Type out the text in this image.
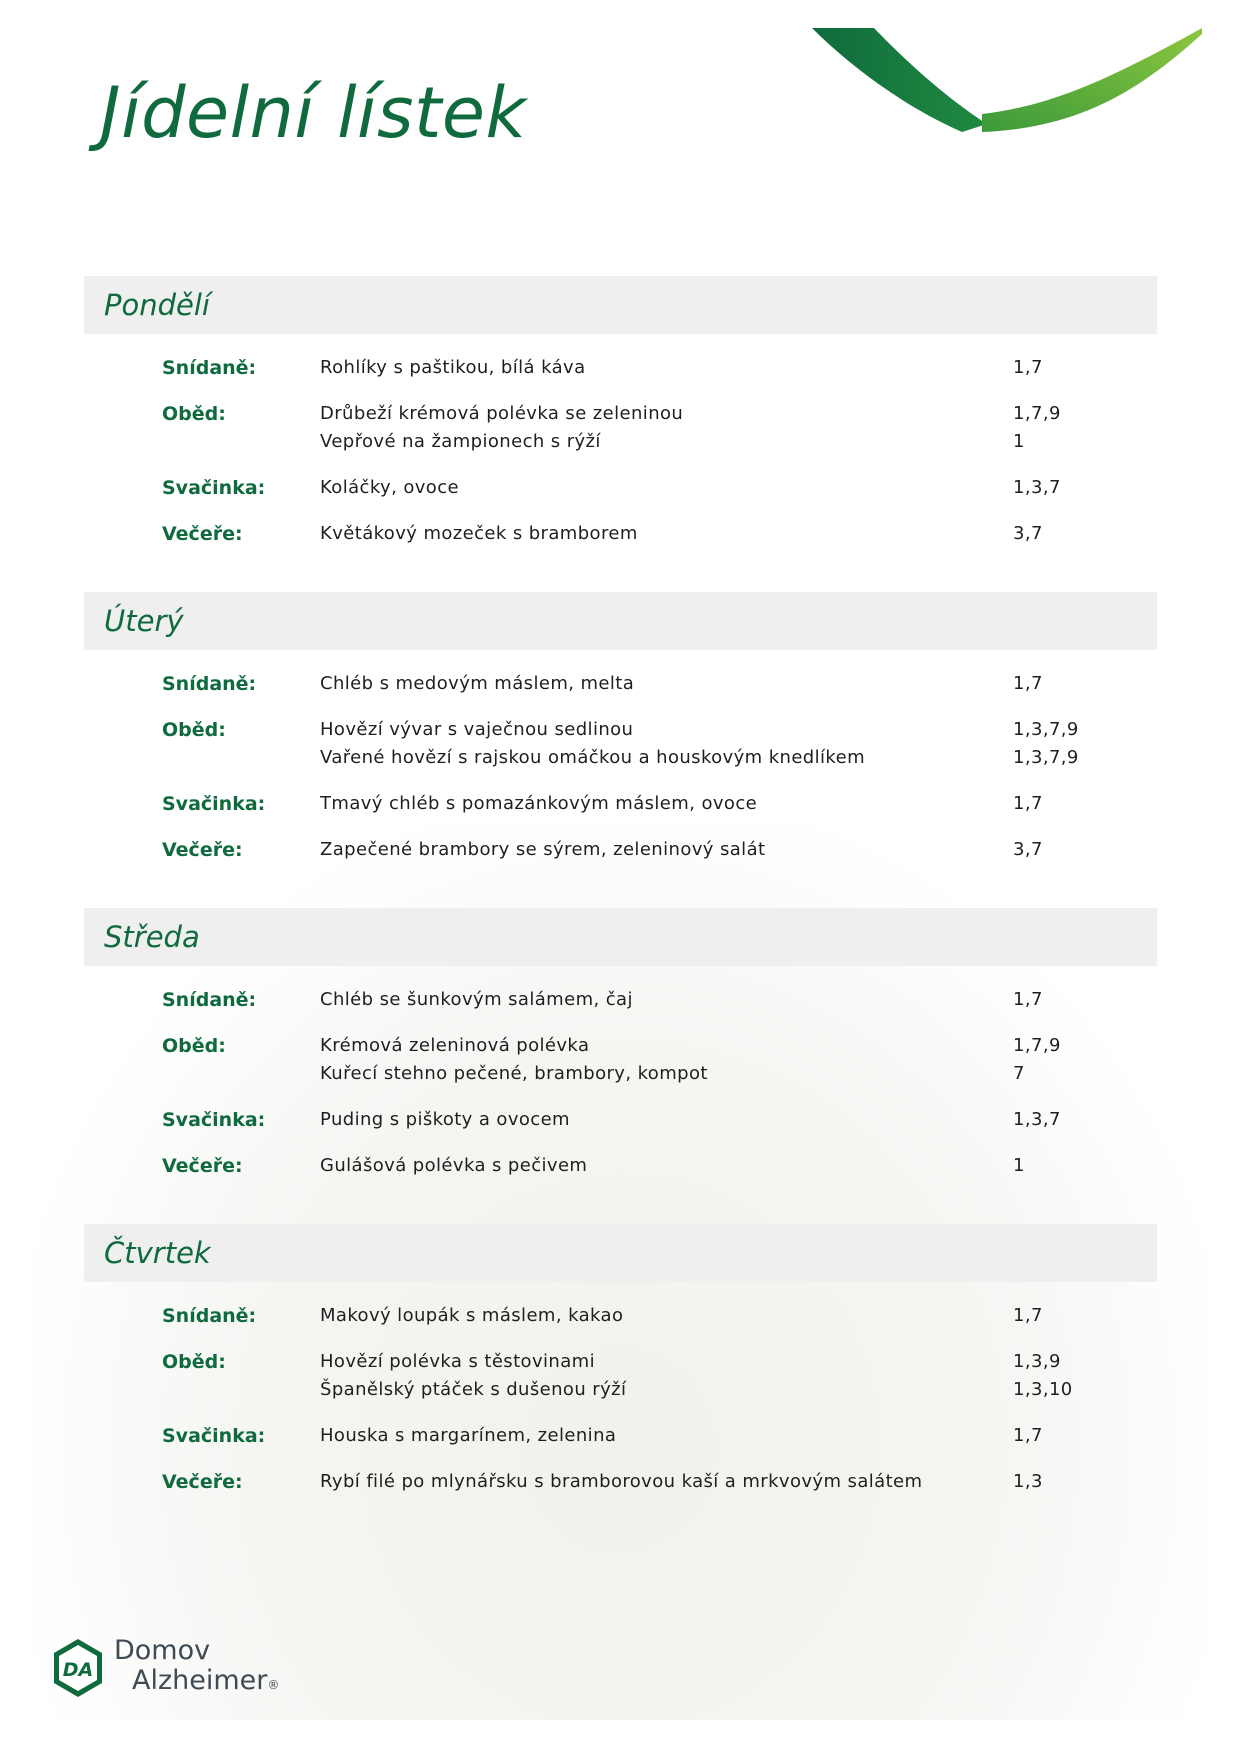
Jídelní lístek
Pondělí
Snídaně:	Rohlíky s paštikou, bílá káva	1,7
Oběd:	Drůbeží krémová polévka se zeleninou	1,7,9
Vepřové na žampionech s rýží	1
Svačinka:	Koláčky, ovoce	1,3,7
Večeře:	Květákový mozeček s bramborem	3,7
Úterý
Snídaně:	Chléb s medovým máslem, melta	1,7
Oběd:	Hovězí vývar s vaječnou sedlinou	1,3,7,9
Vařené hovězí s rajskou omáčkou a houskovým knedlíkem	1,3,7,9
Svačinka:	Tmavý chléb s pomazánkovým máslem, ovoce	1,7
Večeře:	Zapečené brambory se sýrem, zeleninový salát	3,7
Středa
Snídaně:	Chléb se šunkovým salámem, čaj	1,7
Oběd:	Krémová zeleninová polévka	1,7,9
Kuřecí stehno pečené, brambory, kompot	7
Svačinka:	Puding s piškoty a ovocem	1,3,7
Večeře:	Gulášová polévka s pečivem	1
Čtvrtek
Snídaně:	Makový loupák s máslem, kakao	1,7
Oběd:	Hovězí polévka s těstovinami	1,3,9
Španělský ptáček s dušenou rýží	1,3,10
Svačinka:	Houska s margarínem, zelenina	1,7
Večeře:	Rybí filé po mlynářsku s bramborovou kaší a mrkvovým salátem	1,3
DA
Domov
Alzheimer®
